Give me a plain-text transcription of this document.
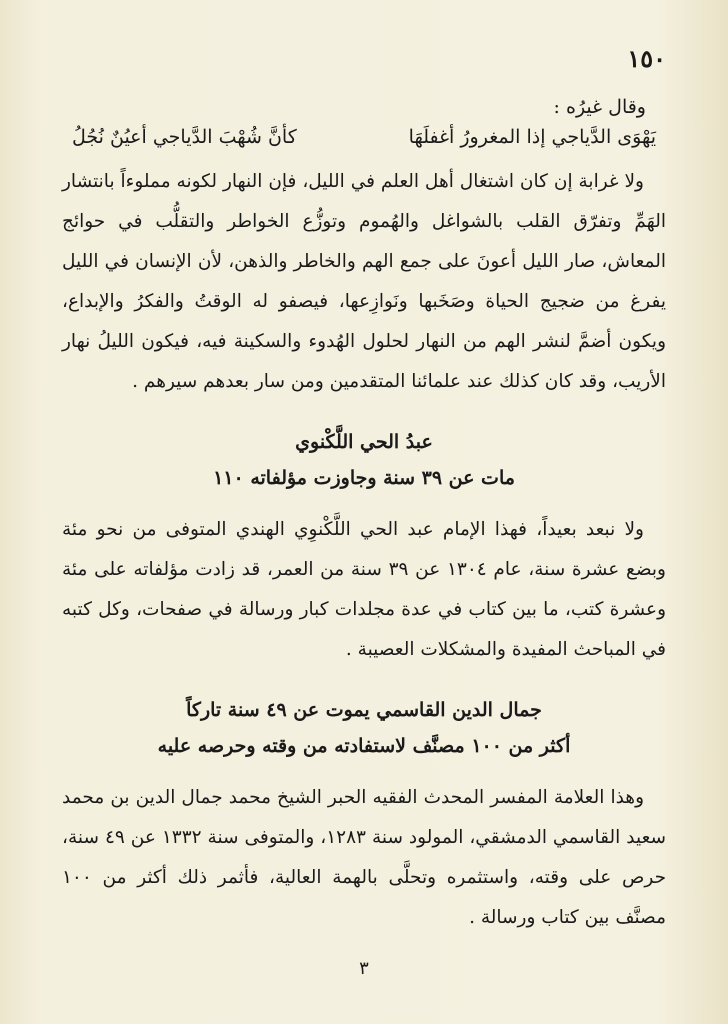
١٥٠

وقال غيرُه :

يَهْوَى الدَّياجي إذا المغرورُ أغفلَهَا
كأنَّ شُهْبَ الدَّياجي أعيُنٌ نُجُلُ

ولا غرابة إن كان اشتغال أهل العلم في الليل، فإن النهار لكونه مملوءاً بانتشار الهَمِّ وتفرّق القلب بالشواغل والهُموم وتوزُّع الخواطر والتقلُّب في حوائج المعاش، صار الليل أعونَ على جمع الهم والخاطر والذهن، لأن الإنسان في الليل يفرغ من ضجيج الحياة وصَخَبها ونَوازِعها، فيصفو له الوقتُ والفكرُ والإبداع، ويكون أضمَّ لنشر الهم من النهار لحلول الهُدوء والسكينة فيه، فيكون الليلُ نهار الأريب، وقد كان كذلك عند علمائنا المتقدمين ومن سار بعدهم سيرهم .

عبدُ الحي اللَّكْنوي

مات عن ٣٩ سنة وجاوزت مؤلفاته ١١٠

ولا نبعد بعيداً، فهذا الإمام عبد الحي اللَّكْنوِي الهندي المتوفى من نحو مئة وبضع عشرة سنة، عام ١٣٠٤ عن ٣٩ سنة من العمر، قد زادت مؤلفاته على مئة وعشرة كتب، ما بين كتاب في عدة مجلدات كبار ورسالة في صفحات، وكل كتبه في المباحث المفيدة والمشكلات العصيبة .

جمال الدين القاسمي يموت عن ٤٩ سنة تاركاً

أكثر من ١٠٠ مصنَّف لاستفادته من وقته وحرصه عليه

وهذا العلامة المفسر المحدث الفقيه الحبر الشيخ محمد جمال الدين بن محمد سعيد القاسمي الدمشقي، المولود سنة ١٢٨٣، والمتوفى سنة ١٣٣٢ عن ٤٩ سنة، حرص على وقته، واستثمره وتحلَّى بالهمة العالية، فأثمر ذلك أكثر من ١٠٠ مصنَّف بين كتاب ورسالة .

٣
